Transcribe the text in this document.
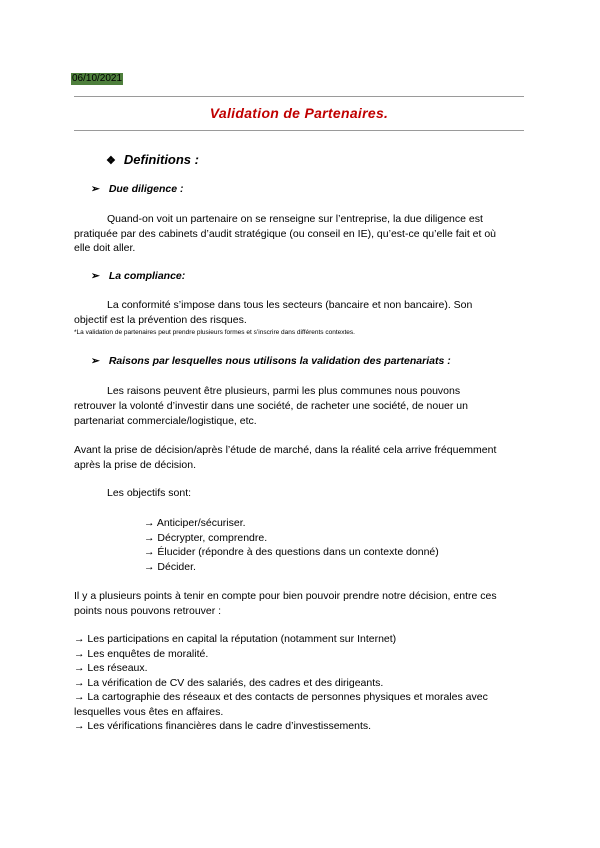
06/10/2021
Validation de Partenaires.
❖ Definitions :
➢ Due diligence :
Quand-on voit un partenaire on se renseigne sur l’entreprise, la due diligence est
pratiquée par des cabinets d’audit stratégique (ou conseil en IE), qu’est-ce qu’elle fait et où
elle doit aller.
➢ La compliance:
La conformité s’impose dans tous les secteurs (bancaire et non bancaire). Son
objectif est la prévention des risques.
*La validation de partenaires peut prendre plusieurs formes et s’inscrire dans différents contextes.
➢ Raisons par lesquelles nous utilisons la validation des partenariats :
Les raisons peuvent être plusieurs, parmi les plus communes nous pouvons
retrouver la volonté d’investir dans une société, de racheter une société, de nouer un
partenariat commerciale/logistique, etc.
Avant la prise de décision/après l’étude de marché, dans la réalité cela arrive fréquemment
après la prise de décision.
Les objectifs sont:
→ Anticiper/sécuriser.
→ Décrypter, comprendre.
→ Élucider (répondre à des questions dans un contexte donné)
→ Décider.
Il y a plusieurs points à tenir en compte pour bien pouvoir prendre notre décision, entre ces
points nous pouvons retrouver :
→ Les participations en capital la réputation (notamment sur Internet)
→ Les enquêtes de moralité.
→ Les réseaux.
→ La vérification de CV des salariés, des cadres et des dirigeants.
→ La cartographie des réseaux et des contacts de personnes physiques et morales avec
lesquelles vous êtes en affaires.
→ Les vérifications financières dans le cadre d’investissements.
